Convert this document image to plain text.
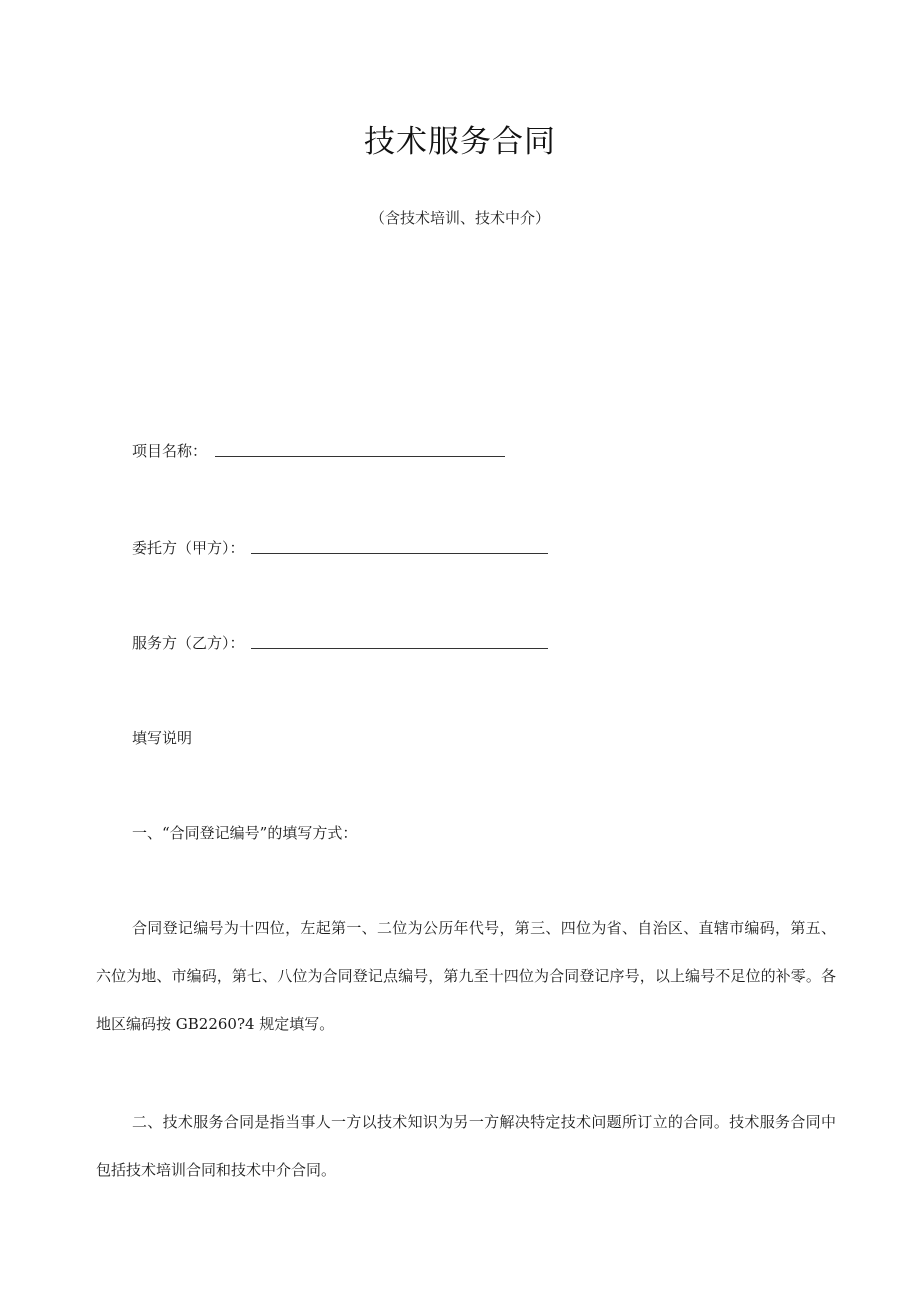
技术服务合同
（含技术培训、技术中介）
项目名称：
委托方（甲方）：
服务方（乙方）：
填写说明
一、“合同登记编号”的填写方式：
合同登记编号为十四位，左起第一、二位为公历年代号，第三、四位为省、自治区、直辖市编码，第五、六位为地、市编码，第七、八位为合同登记点编号，第九至十四位为合同登记序号，以上编号不足位的补零。各地区编码按 GB2260?4 规定填写。
二、技术服务合同是指当事人一方以技术知识为另一方解决特定技术问题所订立的合同。技术服务合同中包括技术培训合同和技术中介合同。
